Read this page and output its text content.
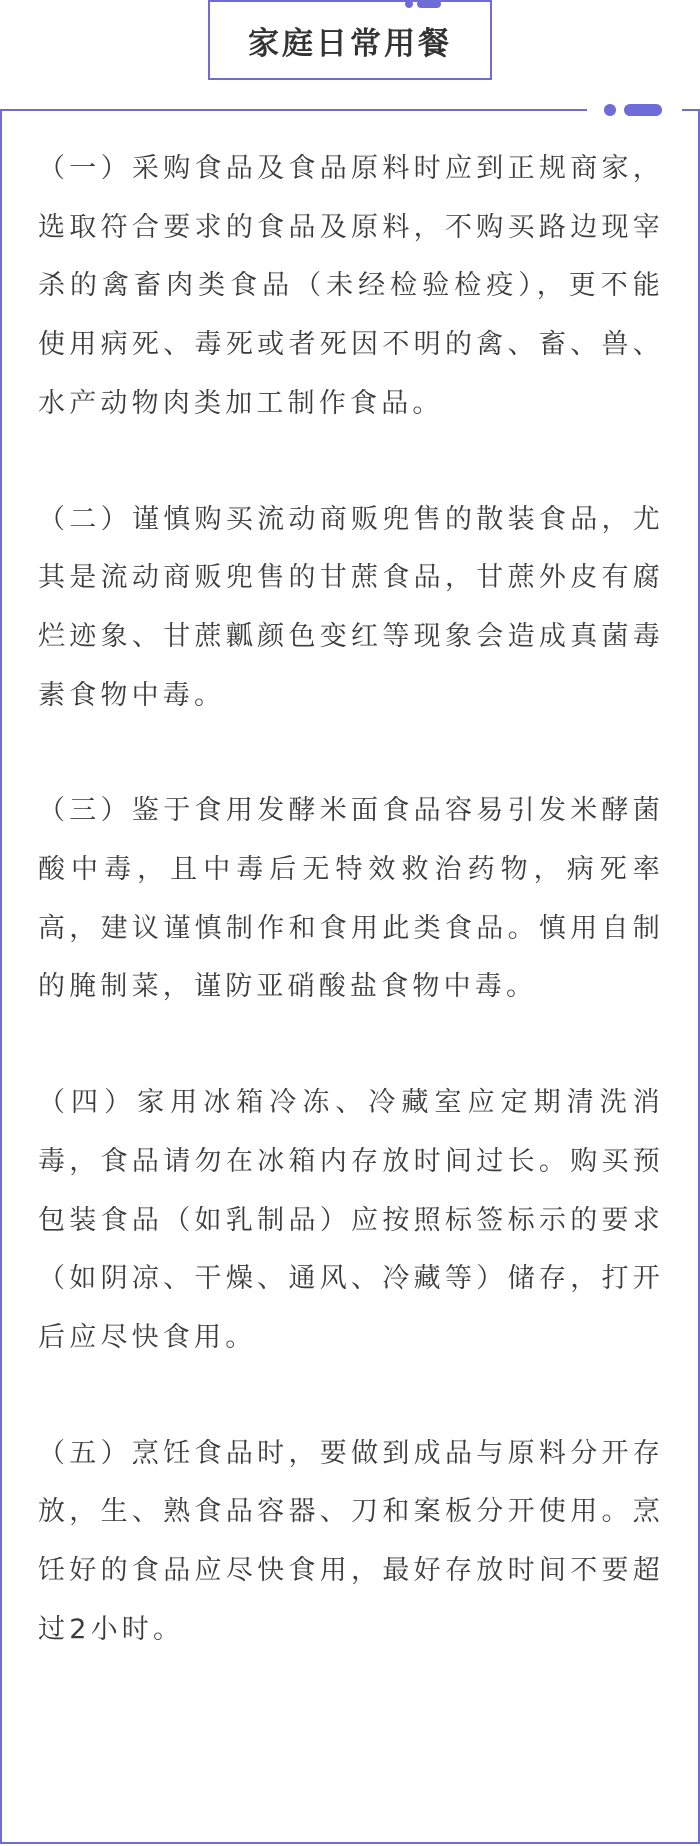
家庭日常用餐

（一）采购食品及食品原料时应到正规商家，选取符合要求的食品及原料，不购买路边现宰杀的禽畜肉类食品（未经检验检疫），更不能使用病死、毒死或者死因不明的禽、畜、兽、水产动物肉类加工制作食品。

（二）谨慎购买流动商贩兜售的散装食品，尤其是流动商贩兜售的甘蔗食品，甘蔗外皮有腐烂迹象、甘蔗瓤颜色变红等现象会造成真菌毒素食物中毒。

（三）鉴于食用发酵米面食品容易引发米酵菌酸中毒，且中毒后无特效救治药物，病死率高，建议谨慎制作和食用此类食品。慎用自制的腌制菜，谨防亚硝酸盐食物中毒。

（四）家用冰箱冷冻、冷藏室应定期清洗消毒，食品请勿在冰箱内存放时间过长。购买预包装食品（如乳制品）应按照标签标示的要求（如阴凉、干燥、通风、冷藏等）储存，打开后应尽快食用。

（五）烹饪食品时，要做到成品与原料分开存放，生、熟食品容器、刀和案板分开使用。烹饪好的食品应尽快食用，最好存放时间不要超过2小时。
